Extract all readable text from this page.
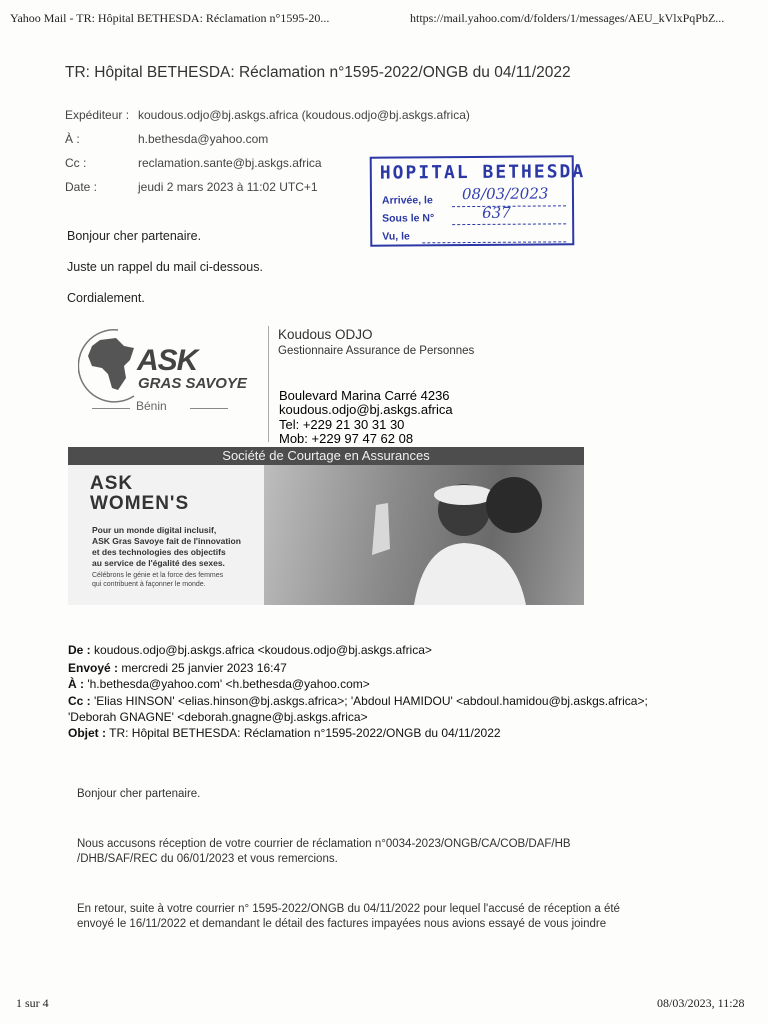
Yahoo Mail - TR: Hôpital BETHESDA: Réclamation n°1595-20...	https://mail.yahoo.com/d/folders/1/messages/AEU_kVlxPqPbZ...
TR: Hôpital BETHESDA: Réclamation n°1595-2022/ONGB du 04/11/2022
Expéditeur : koudous.odjo@bj.askgs.africa (koudous.odjo@bj.askgs.africa)
À :	h.bethesda@yahoo.com
Cc :	reclamation.sante@bj.askgs.africa
Date :	jeudi 2 mars 2023 à 11:02 UTC+1
HOPITAL BETHESDA
Arrivée, le 08/03/2023
Sous le N°	637
Vu, le
Bonjour cher partenaire.
Juste un rappel du mail ci-dessous.
Cordialement.
ASK
GRAS SAVOYE
Bénin
Koudous ODJO
Gestionnaire Assurance de Personnes
Boulevard Marina Carré 4236
koudous.odjo@bj.askgs.africa
Tel: +229 21 30 31 30
Mob: +229 97 47 62 08
Société de Courtage en Assurances
ASK
WOMEN'S
Pour un monde digital inclusif,
ASK Gras Savoye fait de l'innovation
et des technologies des objectifs
au service de l'égalité des sexes.
Célébrons le génie et la force des femmes
qui contribuent à façonner le monde.
De : koudous.odjo@bj.askgs.africa <koudous.odjo@bj.askgs.africa>
Envoyé : mercredi 25 janvier 2023 16:47
À : 'h.bethesda@yahoo.com' <h.bethesda@yahoo.com>
Cc : 'Elias HINSON' <elias.hinson@bj.askgs.africa>; 'Abdoul HAMIDOU' <abdoul.hamidou@bj.askgs.africa>;
'Deborah GNAGNE' <deborah.gnagne@bj.askgs.africa>
Objet : TR: Hôpital BETHESDA: Réclamation n°1595-2022/ONGB du 04/11/2022
Bonjour cher partenaire.
Nous accusons réception de votre courrier de réclamation n°0034-2023/ONGB/CA/COB/DAF/HB
/DHB/SAF/REC du 06/01/2023 et vous remercions.
En retour, suite à votre courrier n° 1595-2022/ONGB du 04/11/2022 pour lequel l'accusé de réception a été
envoyé le 16/11/2022 et demandant le détail des factures impayées nous avions essayé de vous joindre
1 sur 4	08/03/2023, 11:28
